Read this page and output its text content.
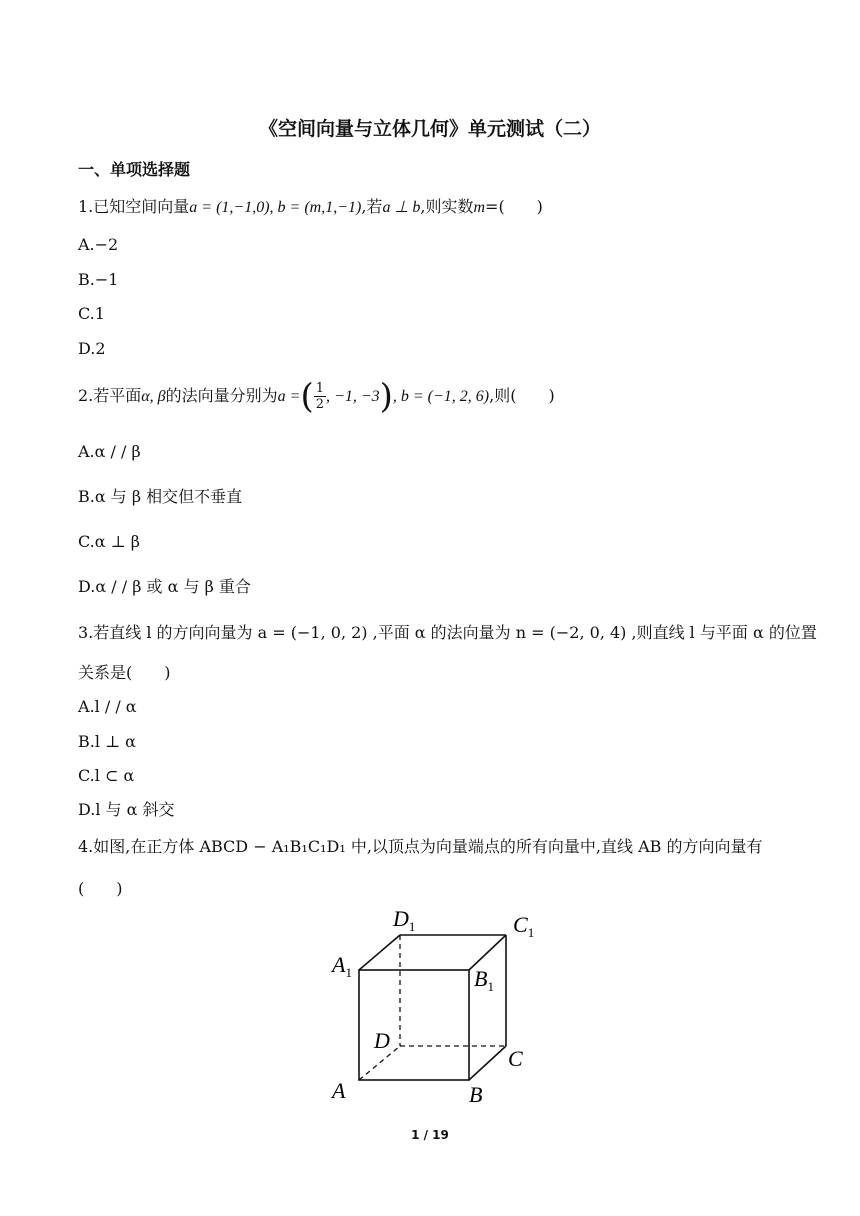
《空间向量与立体几何》单元测试（二）
一、单项选择题
1.已知空间向量a = (1,−1,0), b = (m,1,−1),若a ⊥ b,则实数m=(　　)
A.−2
B.−1
C.1
D.2
2.若平面α, β的法向量分别为a =( $\frac{1}{2}$ , −1, −3), b = (−1, 2, 6),则(　　)
A.α / / β
B.α 与 β 相交但不垂直
C.α ⊥ β
D.α / / β 或 α 与 β 重合
3.若直线 l 的方向向量为 a = (−1, 0, 2) ,平面 α 的法向量为 n = (−2, 0, 4) ,则直线 l 与平面 α 的位置
关系是(　　)
A.l / / α
B.l ⊥ α
C.l ⊂ α
D.l 与 α 斜交
4.如图,在正方体 ABCD − A₁B₁C₁D₁ 中,以顶点为向量端点的所有向量中,直线 AB 的方向向量有
(　　)
$D_1$	$C_1$
$A_1$	$B_1$
D
C
A	B
1 / 19
